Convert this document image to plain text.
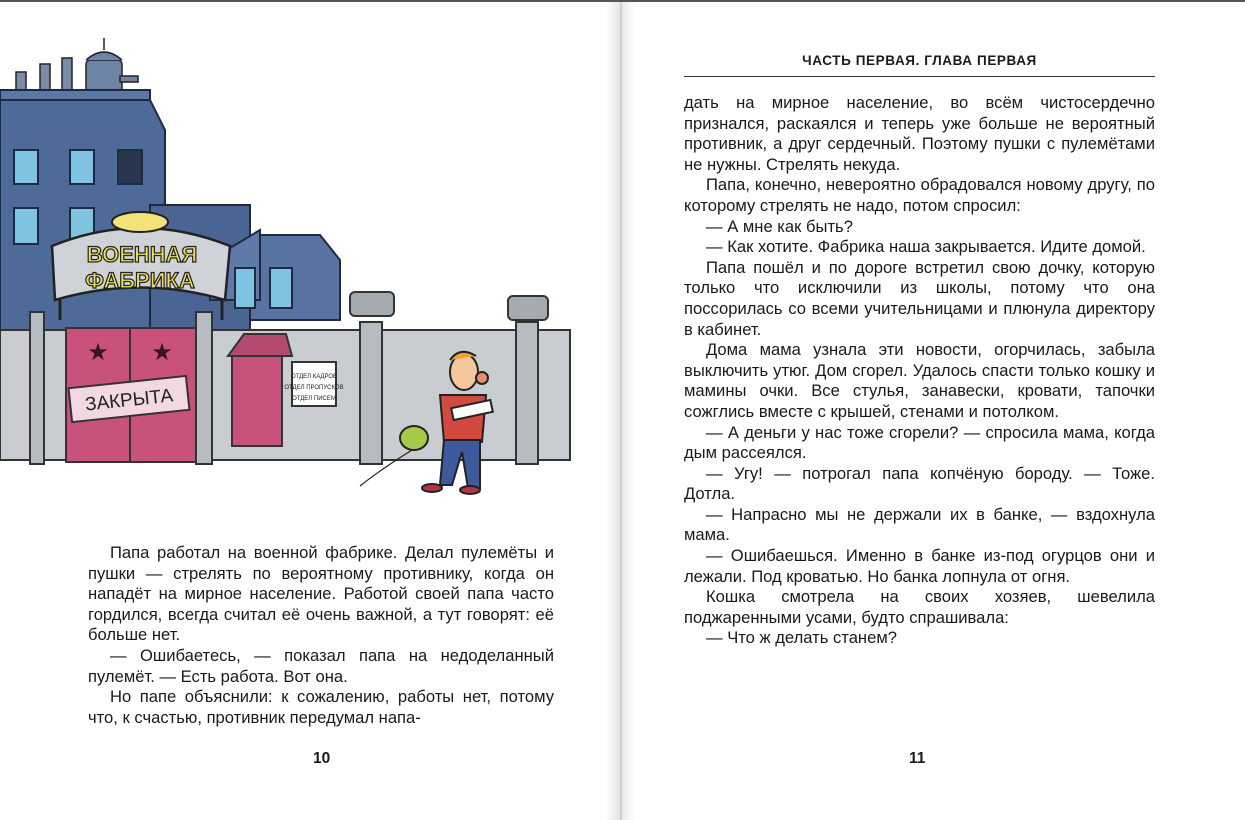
ВОЕННАЯ
ФАБРИКА
★ ★
ЗАКРЫТА
ОТДЕЛ КАДРОВ
ОТДЕЛ ПРОПУСКОВ
ОТДЕЛ ПИСЕМ

Папа работал на военной фабрике. Делал пулемёты и пушки — стрелять по вероятному противнику, когда он нападёт на мирное население. Работой своей папа часто гордился, всегда считал её очень важной, а тут говорят: её больше нет.

— Ошибаетесь, — показал папа на недоделанный пулемёт. — Есть работа. Вот она.

Но папе объяснили: к сожалению, работы нет, потому что, к счастью, противник передумал напа-

10
ЧАСТЬ ПЕРВАЯ. ГЛАВА ПЕРВАЯ

дать на мирное население, во всём чистосердечно признался, раскаялся и теперь уже больше не вероятный противник, а друг сердечный. Поэтому пушки с пулемётами не нужны. Стрелять некуда.

Папа, конечно, невероятно обрадовался новому другу, по которому стрелять не надо, потом спросил:

— А мне как быть?

— Как хотите. Фабрика наша закрывается. Идите домой.

Папа пошёл и по дороге встретил свою дочку, которую только что исключили из школы, потому что она поссорилась со всеми учительницами и плюнула директору в кабинет.

Дома мама узнала эти новости, огорчилась, забыла выключить утюг. Дом сгорел. Удалось спасти только кошку и мамины очки. Все стулья, занавески, кровати, тапочки сожглись вместе с крышей, стенами и потолком.

— А деньги у нас тоже сгорели? — спросила мама, когда дым рассеялся.

— Угу! — потрогал папа копчёную бороду. — Тоже. Дотла.

— Напрасно мы не держали их в банке, — вздохнула мама.

— Ошибаешься. Именно в банке из-под огурцов они и лежали. Под кроватью. Но банка лопнула от огня.

Кошка смотрела на своих хозяев, шевелила поджаренными усами, будто спрашивала:

— Что ж делать станем?

11
